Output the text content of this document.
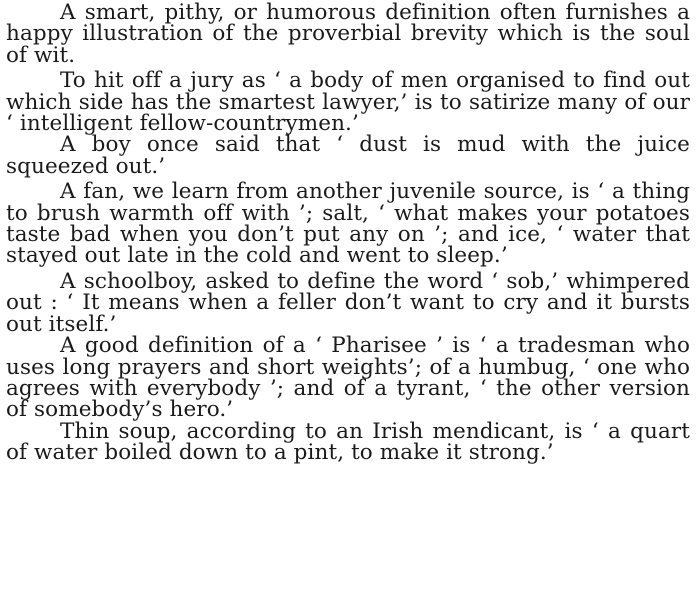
A smart, pithy, or humorous definition often furnishes a happy illustration of the proverbial brevity which is the soul of wit.

To hit off a jury as ‘ a body of men organised to find out which side has the smartest lawyer,’ is to satirize many of our ‘ intelligent fellow-countrymen.’

A boy once said that ‘ dust is mud with the juice squeezed out.’

A fan, we learn from another juvenile source, is ‘ a thing to brush warmth off with ’; salt, ‘ what makes your potatoes taste bad when you don’t put any on ’; and ice, ‘ water that stayed out late in the cold and went to sleep.’

A schoolboy, asked to define the word ‘ sob,’ whimpered out : ‘ It means when a feller don’t want to cry and it bursts out itself.’

A good definition of a ‘ Pharisee ’ is ‘ a tradesman who uses long prayers and short weights’; of a humbug, ‘ one who agrees with everybody ’; and of a tyrant, ‘ the other version of somebody’s hero.’

Thin soup, according to an Irish mendicant, is ‘ a quart of water boiled down to a pint, to make it strong.’
